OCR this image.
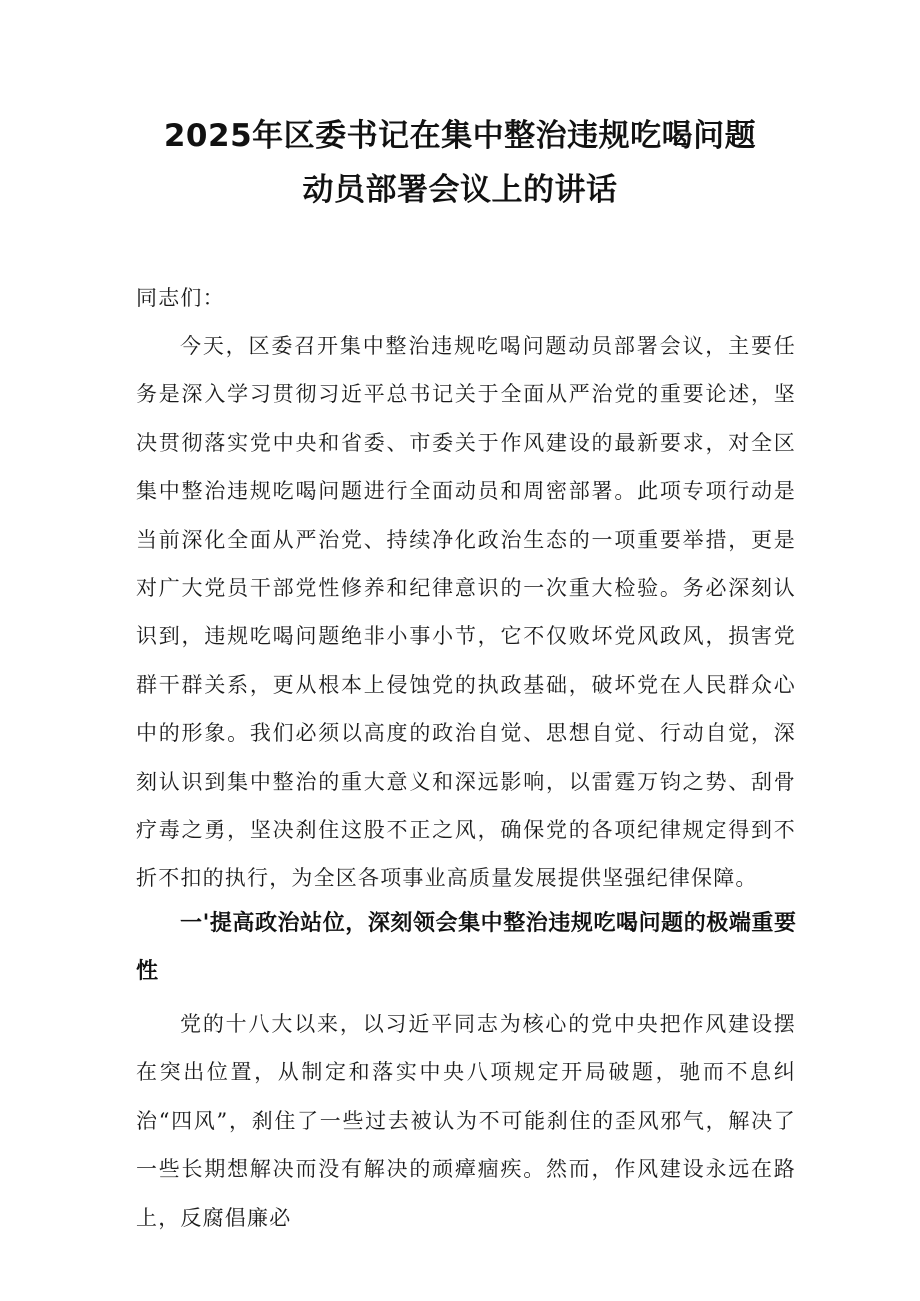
2025年区委书记在集中整治违规吃喝问题
动员部署会议上的讲话
同志们：

今天，区委召开集中整治违规吃喝问题动员部署会议，主要任务是深入学习贯彻习近平总书记关于全面从严治党的重要论述，坚决贯彻落实党中央和省委、市委关于作风建设的最新要求，对全区集中整治违规吃喝问题进行全面动员和周密部署。此项专项行动是当前深化全面从严治党、持续净化政治生态的一项重要举措，更是对广大党员干部党性修养和纪律意识的一次重大检验。务必深刻认识到，违规吃喝问题绝非小事小节，它不仅败坏党风政风，损害党群干群关系，更从根本上侵蚀党的执政基础，破坏党在人民群众心中的形象。我们必须以高度的政治自觉、思想自觉、行动自觉，深刻认识到集中整治的重大意义和深远影响，以雷霆万钧之势、刮骨疗毒之勇，坚决刹住这股不正之风，确保党的各项纪律规定得到不折不扣的执行，为全区各项事业高质量发展提供坚强纪律保障。

一'提高政治站位，深刻领会集中整治违规吃喝问题的极端重要性

党的十八大以来，以习近平同志为核心的党中央把作风建设摆在突出位置，从制定和落实中央八项规定开局破题，驰而不息纠治“四风”，刹住了一些过去被认为不可能刹住的歪风邪气，解决了一些长期想解决而没有解决的顽瘴痼疾。然而，作风建设永远在路上，反腐倡廉必
